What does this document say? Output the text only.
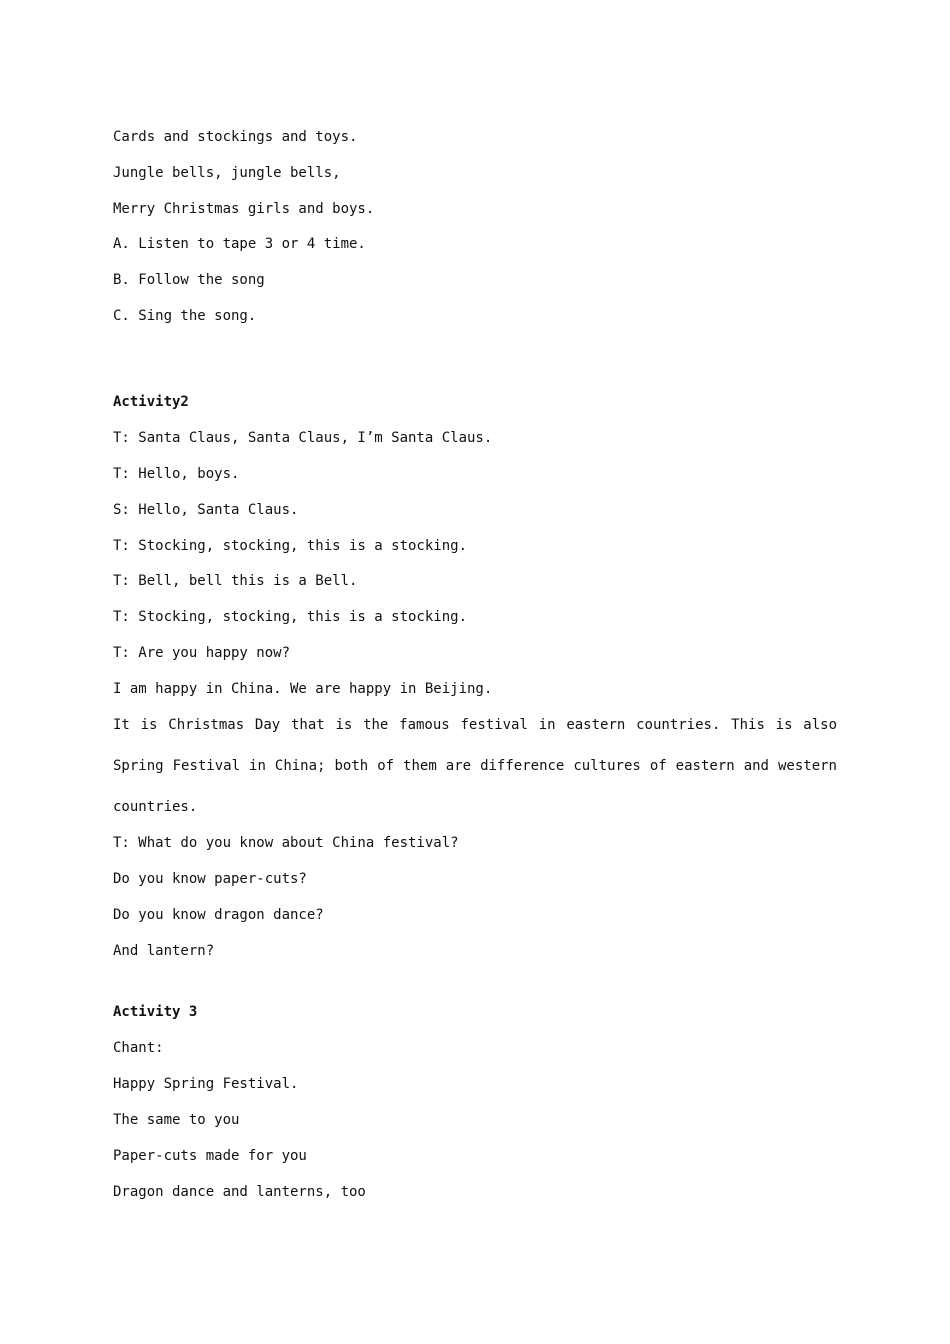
Cards and stockings and toys.

Jungle bells, jungle bells,

Merry Christmas girls and boys.

A. Listen to tape 3 or 4 time.

B. Follow the song

C. Sing the song.

Activity2

T: Santa Claus, Santa Claus, I’m Santa Claus.

T: Hello, boys.

S: Hello, Santa Claus.

T: Stocking, stocking, this is a stocking.

T: Bell, bell this is a Bell.

T: Stocking, stocking, this is a stocking.

T: Are you happy now?

I am happy in China. We are happy in Beijing.

It is Christmas Day that is the famous festival in eastern countries. This is also

Spring Festival in China; both of them are difference cultures of eastern and western

countries.

T: What do you know about China festival?

Do you know paper-cuts?

Do you know dragon dance?

And lantern?

Activity 3

Chant:

Happy Spring Festival.

The same to you

Paper-cuts made for you

Dragon dance and lanterns, too
